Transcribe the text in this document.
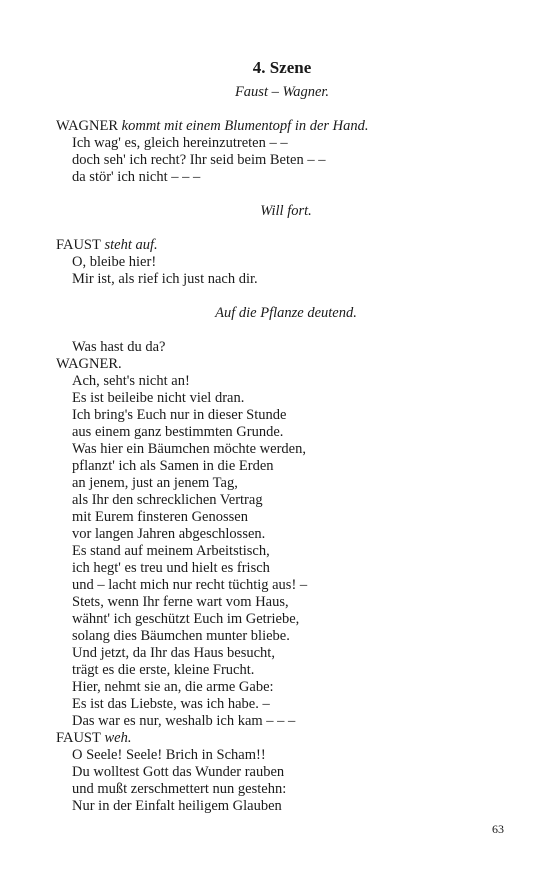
4. Szene
Faust – Wagner.
WAGNER kommt mit einem Blumentopf in der Hand.
Ich wag' es, gleich hereinzutreten – –
doch seh' ich recht? Ihr seid beim Beten – –
da stör' ich nicht – – –
Will fort.
FAUST steht auf.
O, bleibe hier!
Mir ist, als rief ich just nach dir.
Auf die Pflanze deutend.
Was hast du da?
WAGNER.
Ach, seht's nicht an!
Es ist beileibe nicht viel dran.
Ich bring's Euch nur in dieser Stunde
aus einem ganz bestimmten Grunde.
Was hier ein Bäumchen möchte werden,
pflanzt' ich als Samen in die Erden
an jenem, just an jenem Tag,
als Ihr den schrecklichen Vertrag
mit Eurem finsteren Genossen
vor langen Jahren abgeschlossen.
Es stand auf meinem Arbeitstisch,
ich hegt' es treu und hielt es frisch
und – lacht mich nur recht tüchtig aus! –
Stets, wenn Ihr ferne wart vom Haus,
wähnt' ich geschützt Euch im Getriebe,
solang dies Bäumchen munter bliebe.
Und jetzt, da Ihr das Haus besucht,
trägt es die erste, kleine Frucht.
Hier, nehmt sie an, die arme Gabe:
Es ist das Liebste, was ich habe. –
Das war es nur, weshalb ich kam – – –
FAUST weh.
O Seele! Seele! Brich in Scham!!
Du wolltest Gott das Wunder rauben
und mußt zerschmettert nun gestehn:
Nur in der Einfalt heiligem Glauben
63
